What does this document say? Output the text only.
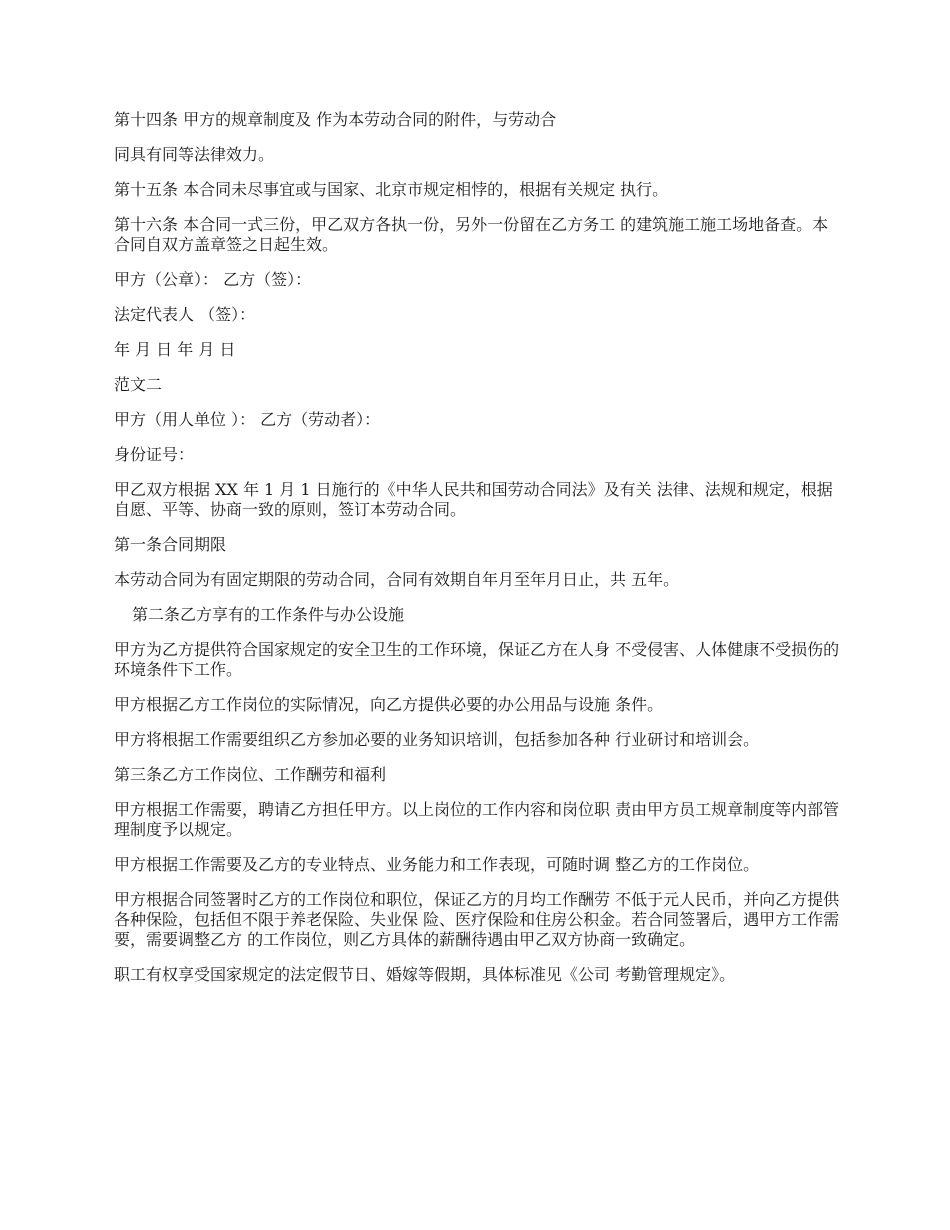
第十四条 甲方的规章制度及 作为本劳动合同的附件，与劳动合

同具有同等法律效力。

第十五条 本合同未尽事宜或与国家、北京市规定相悖的，根据有关规定 执行。

第十六条 本合同一式三份，甲乙双方各执一份，另外一份留在乙方务工 的建筑施工施工场地备查。本合同自双方盖章签之日起生效。

甲方（公章）： 乙方（签）：

法定代表人 （签）：

年 月 日 年 月 日

范文二

甲方（用人单位 ）： 乙方（劳动者）：

身份证号：

甲乙双方根据 XX 年 1 月 1 日施行的《中华人民共和国劳动合同法》及有关 法律、法规和规定，根据自愿、平等、协商一致的原则，签订本劳动合同。

第一条合同期限

本劳动合同为有固定期限的劳动合同，合同有效期自年月至年月日止，共 五年。

第二条乙方享有的工作条件与办公设施

甲方为乙方提供符合国家规定的安全卫生的工作环境，保证乙方在人身 不受侵害、人体健康不受损伤的环境条件下工作。

甲方根据乙方工作岗位的实际情况，向乙方提供必要的办公用品与设施 条件。

甲方将根据工作需要组织乙方参加必要的业务知识培训，包括参加各种 行业研讨和培训会。

第三条乙方工作岗位、工作酬劳和福利

甲方根据工作需要，聘请乙方担任甲方。以上岗位的工作内容和岗位职 责由甲方员工规章制度等内部管理制度予以规定。

甲方根据工作需要及乙方的专业特点、业务能力和工作表现，可随时调 整乙方的工作岗位。

甲方根据合同签署时乙方的工作岗位和职位，保证乙方的月均工作酬劳 不低于元人民币，并向乙方提供各种保险，包括但不限于养老保险、失业保 险、医疗保险和住房公积金。若合同签署后，遇甲方工作需要，需要调整乙方 的工作岗位，则乙方具体的薪酬待遇由甲乙双方协商一致确定。

职工有权享受国家规定的法定假节日、婚嫁等假期，具体标准见《公司 考勤管理规定》。
